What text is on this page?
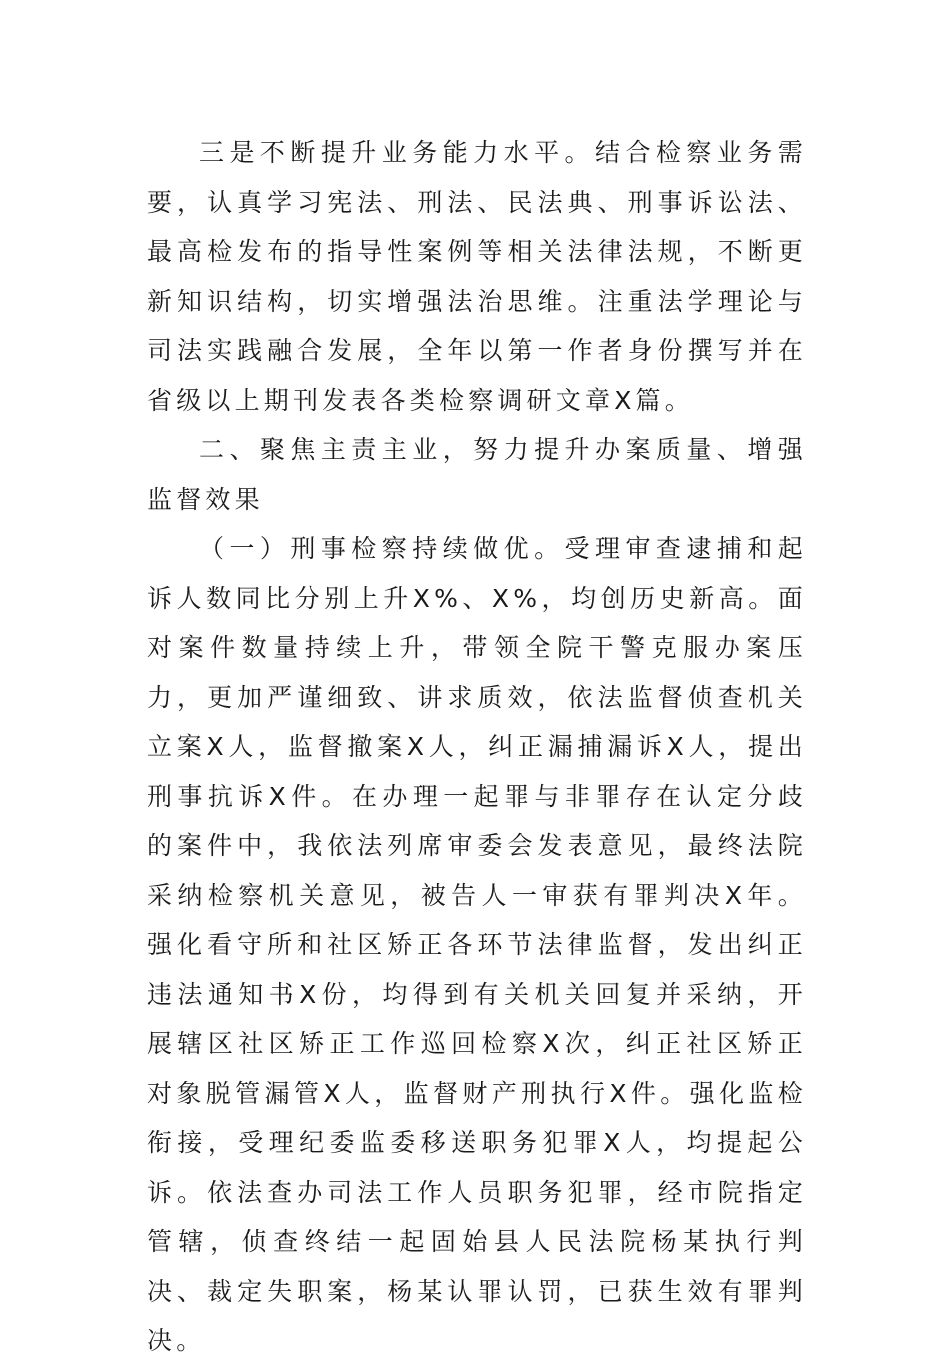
三是不断提升业务能力水平。结合检察业务需要，认真学习宪法、刑法、民法典、刑事诉讼法、最高检发布的指导性案例等相关法律法规，不断更新知识结构，切实增强法治思维。注重法学理论与司法实践融合发展，全年以第一作者身份撰写并在省级以上期刊发表各类检察调研文章X篇。

二、聚焦主责主业，努力提升办案质量、增强监督效果

（一）刑事检察持续做优。受理审查逮捕和起诉人数同比分别上升X%、X%，均创历史新高。面对案件数量持续上升，带领全院干警克服办案压力，更加严谨细致、讲求质效，依法监督侦查机关立案X人，监督撤案X人，纠正漏捕漏诉X人，提出刑事抗诉X件。在办理一起罪与非罪存在认定分歧的案件中，我依法列席审委会发表意见，最终法院采纳检察机关意见，被告人一审获有罪判决X年。强化看守所和社区矫正各环节法律监督，发出纠正违法通知书X份，均得到有关机关回复并采纳，开展辖区社区矫正工作巡回检察X次，纠正社区矫正对象脱管漏管X人，监督财产刑执行X件。强化监检衔接，受理纪委监委移送职务犯罪X人，均提起公诉。依法查办司法工作人员职务犯罪，经市院指定管辖，侦查终结一起固始县人民法院杨某执行判决、裁定失职案，杨某认罪认罚，已获生效有罪判决。
